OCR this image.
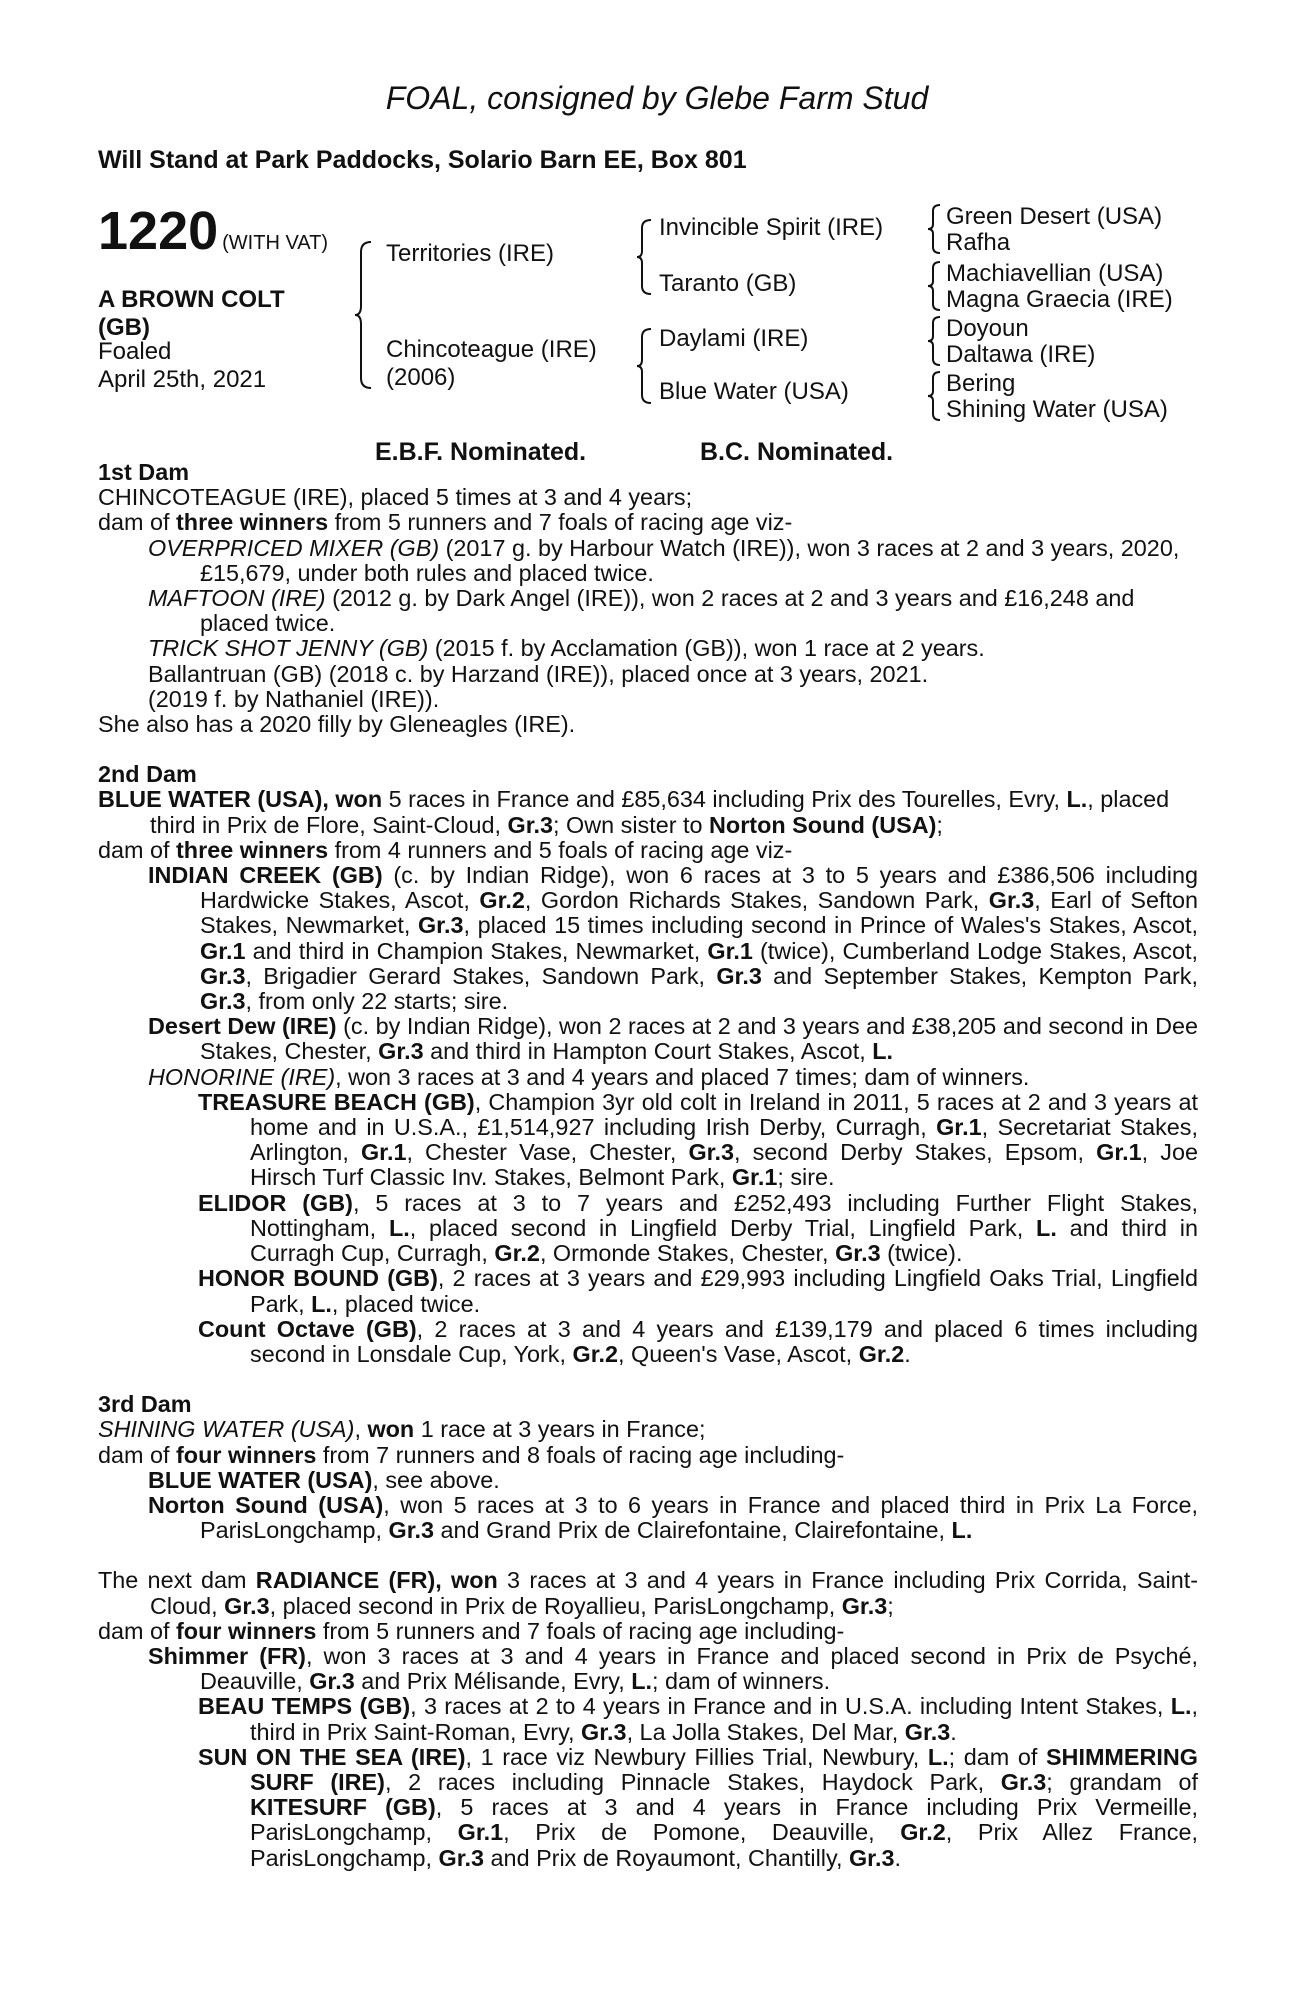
FOAL, consigned by Glebe Farm Stud
Will Stand at Park Paddocks, Solario Barn EE, Box 801
1220 (WITH VAT)
A BROWN COLT
(GB)
Foaled
April 25th, 2021
Territories (IRE)
Chincoteague (IRE)
(2006)
Invincible Spirit (IRE)
Taranto (GB)
Daylami (IRE)
Blue Water (USA)
Green Desert (USA)
Rafha
Machiavellian (USA)
Magna Graecia (IRE)
Doyoun
Daltawa (IRE)
Bering
Shining Water (USA)
E.B.F. Nominated.	B.C. Nominated.

1st Dam

CHINCOTEAGUE (IRE), placed 5 times at 3 and 4 years;

dam of three winners from 5 runners and 7 foals of racing age viz-

OVERPRICED MIXER (GB) (2017 g. by Harbour Watch (IRE)), won 3 races at 2 and 3 years, 2020, £15,679, under both rules and placed twice.

MAFTOON (IRE) (2012 g. by Dark Angel (IRE)), won 2 races at 2 and 3 years and £16,248 and placed twice.

TRICK SHOT JENNY (GB) (2015 f. by Acclamation (GB)), won 1 race at 2 years.

Ballantruan (GB) (2018 c. by Harzand (IRE)), placed once at 3 years, 2021.

(2019 f. by Nathaniel (IRE)).

She also has a 2020 filly by Gleneagles (IRE).

2nd Dam

BLUE WATER (USA), won 5 races in France and £85,634 including Prix des Tourelles, Evry, L., placed third in Prix de Flore, Saint-Cloud, Gr.3; Own sister to Norton Sound (USA);

dam of three winners from 4 runners and 5 foals of racing age viz-

INDIAN CREEK (GB) (c. by Indian Ridge), won 6 races at 3 to 5 years and £386,506 including Hardwicke Stakes, Ascot, Gr.2, Gordon Richards Stakes, Sandown Park, Gr.3, Earl of Sefton Stakes, Newmarket, Gr.3, placed 15 times including second in Prince of Wales's Stakes, Ascot, Gr.1 and third in Champion Stakes, Newmarket, Gr.1 (twice), Cumberland Lodge Stakes, Ascot, Gr.3, Brigadier Gerard Stakes, Sandown Park, Gr.3 and September Stakes, Kempton Park, Gr.3, from only 22 starts; sire.

Desert Dew (IRE) (c. by Indian Ridge), won 2 races at 2 and 3 years and £38,205 and second in Dee Stakes, Chester, Gr.3 and third in Hampton Court Stakes, Ascot, L.

HONORINE (IRE), won 3 races at 3 and 4 years and placed 7 times; dam of winners.

TREASURE BEACH (GB), Champion 3yr old colt in Ireland in 2011, 5 races at 2 and 3 years at home and in U.S.A., £1,514,927 including Irish Derby, Curragh, Gr.1, Secretariat Stakes, Arlington, Gr.1, Chester Vase, Chester, Gr.3, second Derby Stakes, Epsom, Gr.1, Joe Hirsch Turf Classic Inv. Stakes, Belmont Park, Gr.1; sire.

ELIDOR (GB), 5 races at 3 to 7 years and £252,493 including Further Flight Stakes, Nottingham, L., placed second in Lingfield Derby Trial, Lingfield Park, L. and third in Curragh Cup, Curragh, Gr.2, Ormonde Stakes, Chester, Gr.3 (twice).

HONOR BOUND (GB), 2 races at 3 years and £29,993 including Lingfield Oaks Trial, Lingfield Park, L., placed twice.

Count Octave (GB), 2 races at 3 and 4 years and £139,179 and placed 6 times including second in Lonsdale Cup, York, Gr.2, Queen's Vase, Ascot, Gr.2.

3rd Dam

SHINING WATER (USA), won 1 race at 3 years in France;

dam of four winners from 7 runners and 8 foals of racing age including-

BLUE WATER (USA), see above.

Norton Sound (USA), won 5 races at 3 to 6 years in France and placed third in Prix La Force, ParisLongchamp, Gr.3 and Grand Prix de Clairefontaine, Clairefontaine, L.

The next dam RADIANCE (FR), won 3 races at 3 and 4 years in France including Prix Corrida, Saint-Cloud, Gr.3, placed second in Prix de Royallieu, ParisLongchamp, Gr.3;

dam of four winners from 5 runners and 7 foals of racing age including-

Shimmer (FR), won 3 races at 3 and 4 years in France and placed second in Prix de Psyché, Deauville, Gr.3 and Prix Mélisande, Evry, L.; dam of winners.

BEAU TEMPS (GB), 3 races at 2 to 4 years in France and in U.S.A. including Intent Stakes, L., third in Prix Saint-Roman, Evry, Gr.3, La Jolla Stakes, Del Mar, Gr.3.

SUN ON THE SEA (IRE), 1 race viz Newbury Fillies Trial, Newbury, L.; dam of SHIMMERING SURF (IRE), 2 races including Pinnacle Stakes, Haydock Park, Gr.3; grandam of KITESURF (GB), 5 races at 3 and 4 years in France including Prix Vermeille, ParisLongchamp, Gr.1, Prix de Pomone, Deauville, Gr.2, Prix Allez France, ParisLongchamp, Gr.3 and Prix de Royaumont, Chantilly, Gr.3.
